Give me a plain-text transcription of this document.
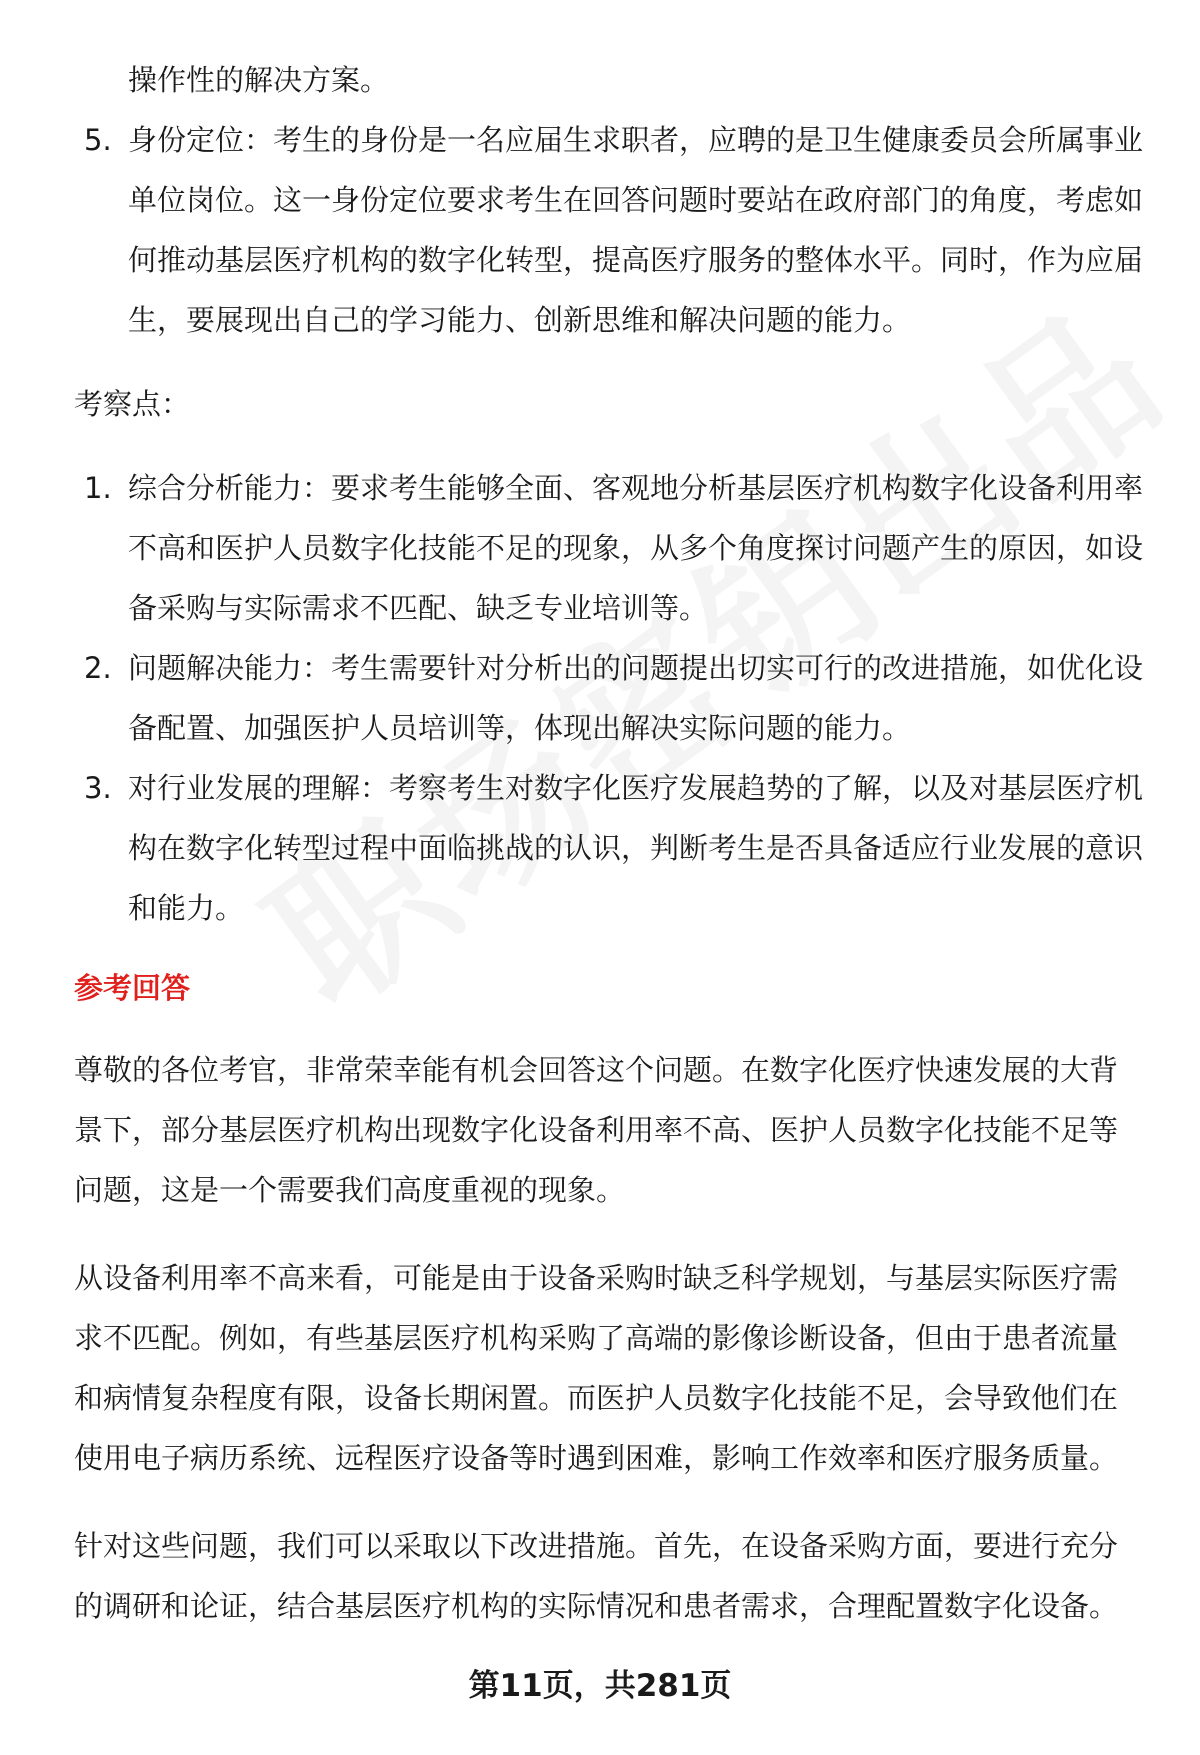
操作性的解决方案。

5. 身份定位：考生的身份是一名应届生求职者，应聘的是卫生健康委员会所属事业单位岗位。这一身份定位要求考生在回答问题时要站在政府部门的角度，考虑如何推动基层医疗机构的数字化转型，提高医疗服务的整体水平。同时，作为应届生，要展现出自己的学习能力、创新思维和解决问题的能力。
考察点：
1. 综合分析能力：要求考生能够全面、客观地分析基层医疗机构数字化设备利用率不高和医护人员数字化技能不足的现象，从多个角度探讨问题产生的原因，如设备采购与实际需求不匹配、缺乏专业培训等。
2. 问题解决能力：考生需要针对分析出的问题提出切实可行的改进措施，如优化设备配置、加强医护人员培训等，体现出解决实际问题的能力。
3. 对行业发展的理解：考察考生对数字化医疗发展趋势的了解，以及对基层医疗机构在数字化转型过程中面临挑战的认识，判断考生是否具备适应行业发展的意识和能力。
参考回答

尊敬的各位考官，非常荣幸能有机会回答这个问题。在数字化医疗快速发展的大背景下，部分基层医疗机构出现数字化设备利用率不高、医护人员数字化技能不足等问题，这是一个需要我们高度重视的现象。

从设备利用率不高来看，可能是由于设备采购时缺乏科学规划，与基层实际医疗需求不匹配。例如，有些基层医疗机构采购了高端的影像诊断设备，但由于患者流量和病情复杂程度有限，设备长期闲置。而医护人员数字化技能不足，会导致他们在使用电子病历系统、远程医疗设备等时遇到困难，影响工作效率和医疗服务质量。

针对这些问题，我们可以采取以下改进措施。首先，在设备采购方面，要进行充分的调研和论证，结合基层医疗机构的实际情况和患者需求，合理配置数字化设备。

第11页，共281页
